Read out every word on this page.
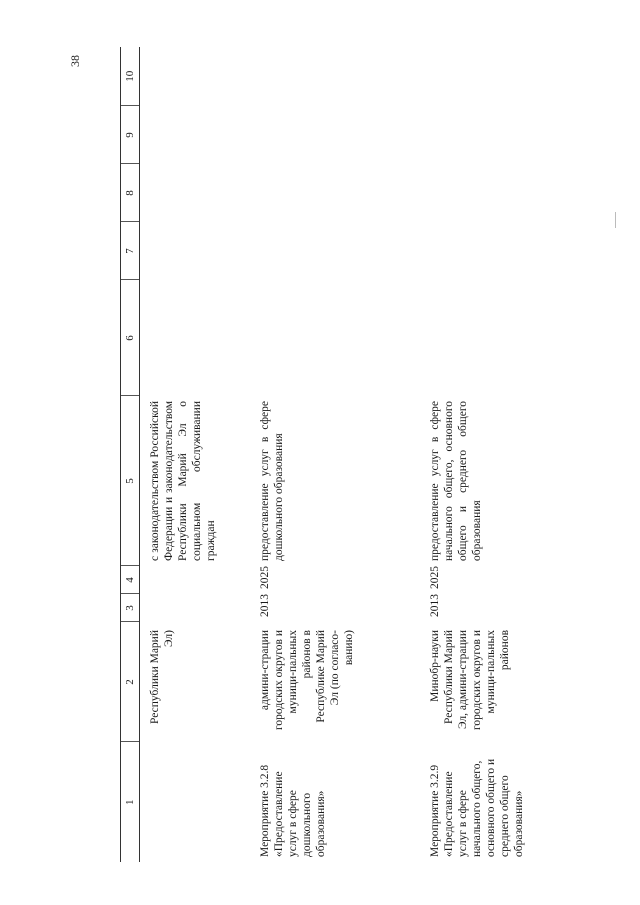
38
1	2	3	4	5	6	7	8	9	10
	Республики Марий Эл)			с законодательством Российской Федерации и законодательством Республики Марий Эл о социальном обслуживании граждан					
Мероприятие 3.2.8 «Предоставление услуг в сфере дошкольного образования»	админи-страции городских округов и муници-пальных районов в Республике Марий Эл (по согласо-ванию)	2013	2025	предоставление услуг в сфере дошкольного образования					
Мероприятие 3.2.9 «Предоставление услуг в сфере начального общего, основного общего и среднего общего образования»	Минобр-науки Республики Марий Эл, админи-страции городских округов и муници-пальных районов	2013	2025	предоставление услуг в сфере начального общего, основного общего и среднего общего образования					
